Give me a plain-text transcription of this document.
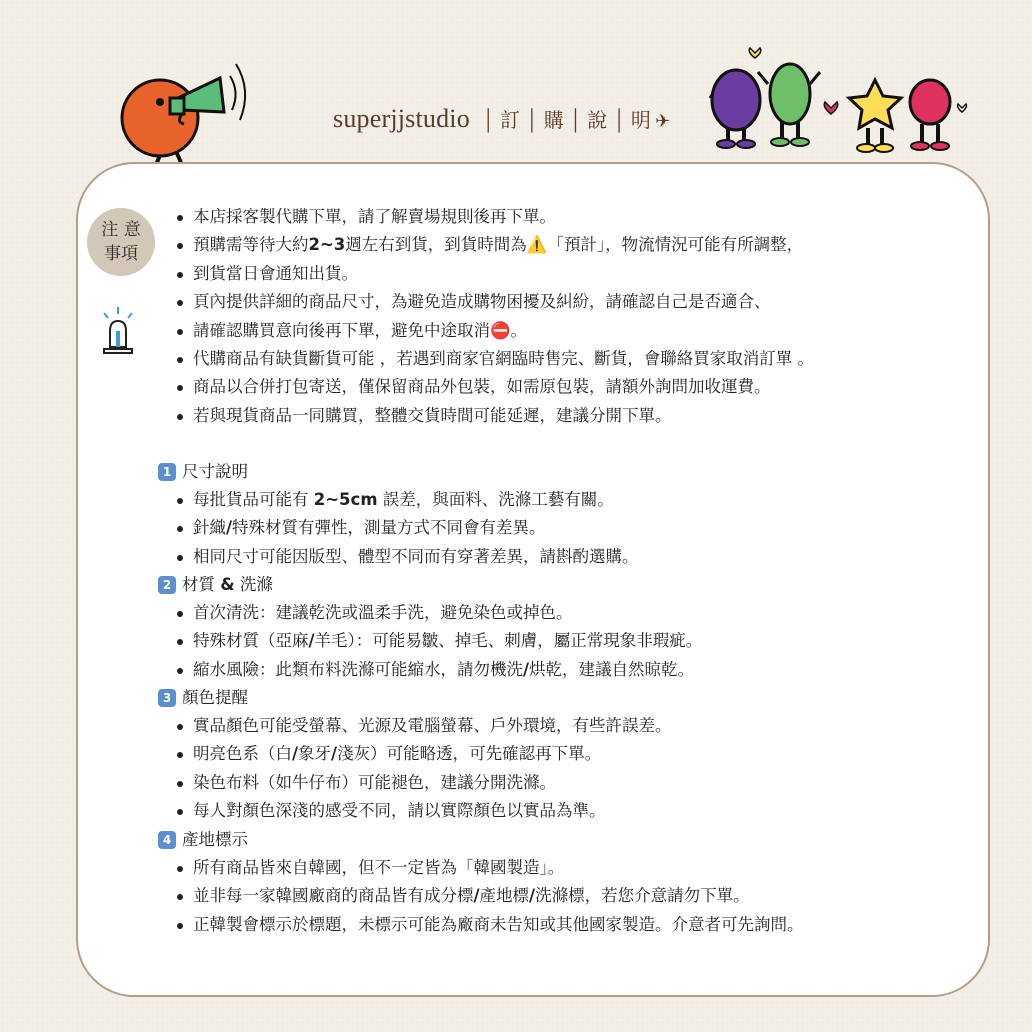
superjjstudio | 訂 | 購 | 說 | 明 ✈
注 意
事項
本店採客製代購下單，請了解賣場規則後再下單。
預購需等待大約2~3週左右到貨，到貨時間為⚠️「預計」，物流情況可能有所調整，
到貨當日會通知出貨。
頁內提供詳細的商品尺寸，為避免造成購物困擾及糾紛，請確認自己是否適合、
請確認購買意向後再下單，避免中途取消⛔。
代購商品有缺貨斷貨可能 ，若遇到商家官網臨時售完、斷貨，會聯絡買家取消訂單 。
商品以合併打包寄送，僅保留商品外包裝，如需原包裝，請額外詢問加收運費。
若與現貨商品一同購買，整體交貨時間可能延遲，建議分開下單。
1 尺寸說明
每批貨品可能有 2~5cm 誤差，與面料、洗滌工藝有關。
針織/特殊材質有彈性，測量方式不同會有差異。
相同尺寸可能因版型、體型不同而有穿著差異，請斟酌選購。
2 材質 & 洗滌
首次清洗：建議乾洗或溫柔手洗，避免染色或掉色。
特殊材質（亞麻/羊毛）：可能易皺、掉毛、刺膚，屬正常現象非瑕疵。
縮水風險：此類布料洗滌可能縮水，請勿機洗/烘乾，建議自然晾乾。
3 顏色提醒
實品顏色可能受螢幕、光源及電腦螢幕、戶外環境，有些許誤差。
明亮色系（白/象牙/淺灰）可能略透，可先確認再下單。
染色布料（如牛仔布）可能褪色，建議分開洗滌。
每人對顏色深淺的感受不同，請以實際顏色以實品為準。
4 產地標示
所有商品皆來自韓國，但不一定皆為「韓國製造」。
並非每一家韓國廠商的商品皆有成分標/產地標/洗滌標，若您介意請勿下單。
正韓製會標示於標題，未標示可能為廠商未告知或其他國家製造。介意者可先詢問。
